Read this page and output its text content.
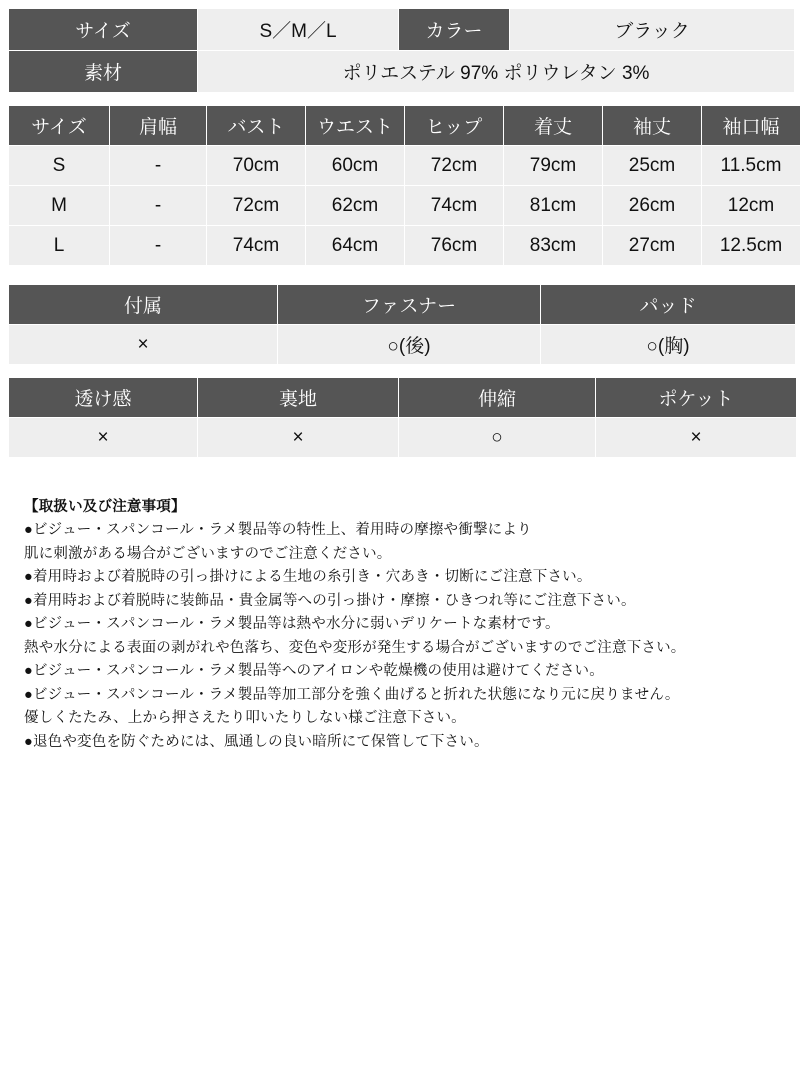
サイズ	S／M／L	カラー	ブラック
素材	ポリエステル 97% ポリウレタン 3%		
サイズ	肩幅	バスト	ウエスト	ヒップ	着丈	袖丈	袖口幅
S	-	70cm	60cm	72cm	79cm	25cm	11.5cm
M	-	72cm	62cm	74cm	81cm	26cm	12cm
L	-	74cm	64cm	76cm	83cm	27cm	12.5cm
付属	ファスナー	パッド
×	○(後)	○(胸)
透け感	裏地	伸縮	ポケット
×	×	○	×

【取扱い及び注意事項】

●ビジュー・スパンコール・ラメ製品等の特性上、着用時の摩擦や衝撃により

肌に刺激がある場合がございますのでご注意ください。

●着用時および着脱時の引っ掛けによる生地の糸引き・穴あき・切断にご注意下さい。

●着用時および着脱時に装飾品・貴金属等への引っ掛け・摩擦・ひきつれ等にご注意下さい。

●ビジュー・スパンコール・ラメ製品等は熱や水分に弱いデリケートな素材です。

熱や水分による表面の剥がれや色落ち、変色や変形が発生する場合がございますのでご注意下さい。

●ビジュー・スパンコール・ラメ製品等へのアイロンや乾燥機の使用は避けてください。

●ビジュー・スパンコール・ラメ製品等加工部分を強く曲げると折れた状態になり元に戻りません。

優しくたたみ、上から押さえたり叩いたりしない様ご注意下さい。

●退色や変色を防ぐためには、風通しの良い暗所にて保管して下さい。
